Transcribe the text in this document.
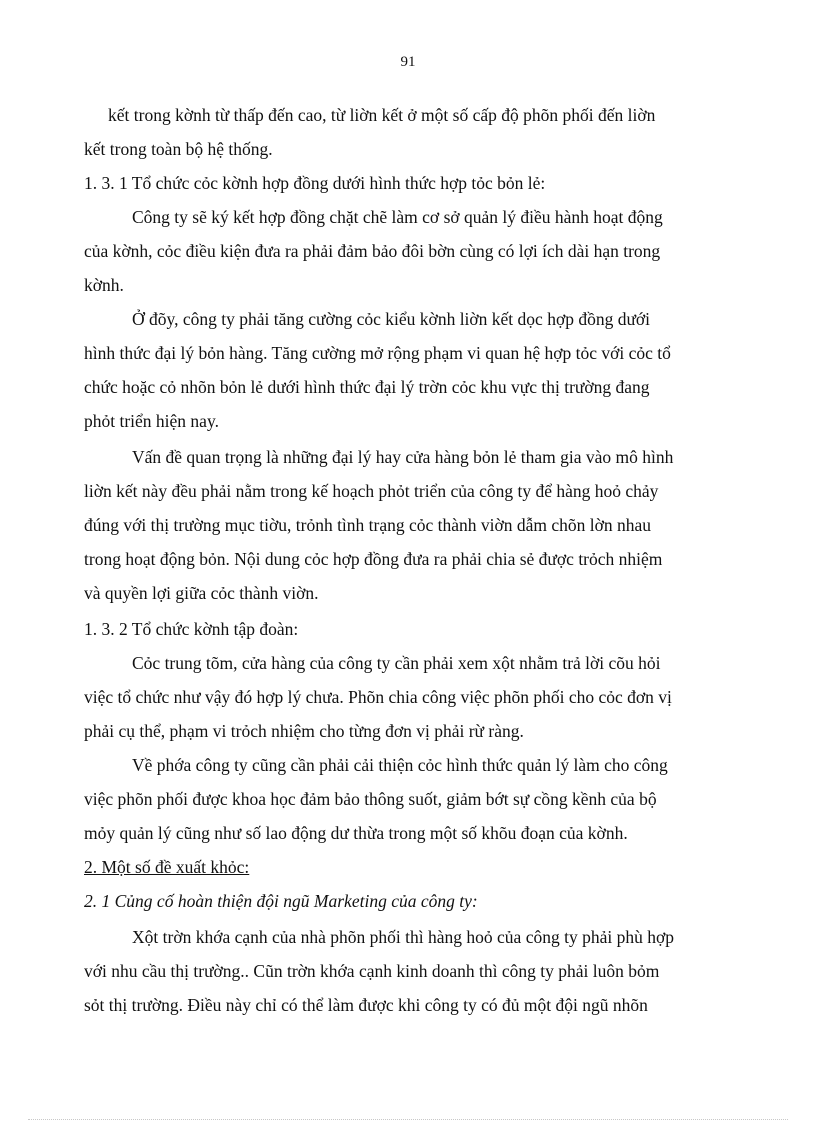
91
kết trong kờnh từ thấp đến cao, từ liờn kết ở một số cấp độ phõn phối đến liờn
kết trong toàn bộ hệ thống.
1. 3. 1 Tổ chức cỏc kờnh hợp đồng dưới hình thức hợp tỏc bỏn lẻ:
Công ty sẽ ký kết hợp đồng chặt chẽ làm cơ sở quản lý điều hành hoạt động
của kờnh, cỏc điều kiện đưa ra phải đảm bảo đôi bờn cùng có lợi ích dài hạn trong
kờnh.
Ở đõy, công ty phải tăng cường cỏc kiểu kờnh liờn kết dọc hợp đồng dưới
hình thức đại lý bỏn hàng. Tăng cường mở rộng phạm vi quan hệ hợp tỏc với cỏc tổ
chức hoặc cỏ nhõn bỏn lẻ dưới hình thức đại lý trờn cỏc khu vực thị trường đang
phỏt triển hiện nay.
Vấn đề quan trọng là những đại lý hay cửa hàng bỏn lẻ tham gia vào mô hình
liờn kết này đều phải nằm trong kế hoạch phỏt triển của công ty để hàng hoỏ chảy
đúng với thị trường mục tiờu, trỏnh tình trạng cỏc thành viờn dẫm chõn lờn nhau
trong hoạt động bỏn. Nội dung cỏc hợp đồng đưa ra phải chia sẻ được trỏch nhiệm
và quyền lợi giữa cỏc thành viờn.
1. 3. 2 Tổ chức kờnh tập đoàn:
Cỏc trung tõm, cửa hàng của công ty cần phải xem xột nhằm trả lời cõu hỏi
việc tổ chức như vậy đó hợp lý chưa. Phõn chia công việc phõn phối cho cỏc đơn vị
phải cụ thể, phạm vi trỏch nhiệm cho từng đơn vị phải rừ ràng.
Về phớa công ty cũng cần phải cải thiện cỏc hình thức quản lý làm cho công
việc phõn phối được khoa học đảm bảo thông suốt, giảm bớt sự cồng kềnh của bộ
mỏy quản lý cũng như số lao động dư thừa trong một số khõu đoạn của kờnh.
2. Một số đề xuất khỏc:
2. 1 Củng cố hoàn thiện đội ngũ Marketing của công ty:
Xột trờn khớa cạnh của nhà phõn phối thì hàng hoỏ của công ty phải phù hợp
với nhu cầu thị trường.. Cũn trờn khớa cạnh kinh doanh thì công ty phải luôn bỏm
sỏt thị trường. Điều này chỉ có thể làm được khi công ty có đủ một đội ngũ nhõn
